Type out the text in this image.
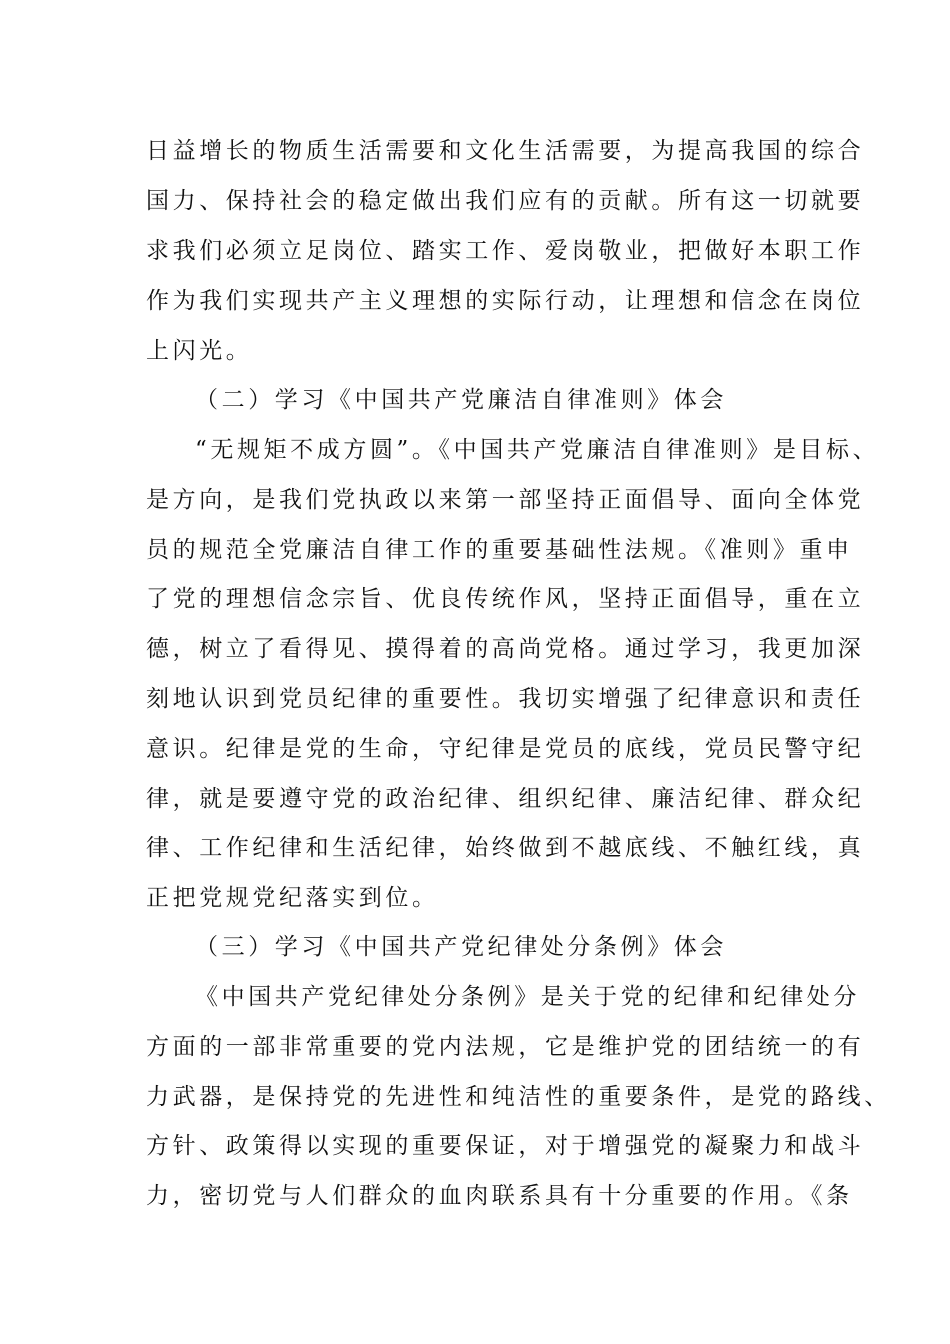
日益增长的物质生活需要和文化生活需要，为提高我国的综合
国力、保持社会的稳定做出我们应有的贡献。所有这一切就要
求我们必须立足岗位、踏实工作、爱岗敬业，把做好本职工作
作为我们实现共产主义理想的实际行动，让理想和信念在岗位
上闪光。
（二）学习《中国共产党廉洁自律准则》体会
“无规矩不成方圆”。《中国共产党廉洁自律准则》是目标、
是方向，是我们党执政以来第一部坚持正面倡导、面向全体党
员的规范全党廉洁自律工作的重要基础性法规。《准则》重申
了党的理想信念宗旨、优良传统作风，坚持正面倡导，重在立
德，树立了看得见、摸得着的高尚党格。通过学习，我更加深
刻地认识到党员纪律的重要性。我切实增强了纪律意识和责任
意识。纪律是党的生命，守纪律是党员的底线，党员民警守纪
律，就是要遵守党的政治纪律、组织纪律、廉洁纪律、群众纪
律、工作纪律和生活纪律，始终做到不越底线、不触红线，真
正把党规党纪落实到位。
（三）学习《中国共产党纪律处分条例》体会
《中国共产党纪律处分条例》是关于党的纪律和纪律处分
方面的一部非常重要的党内法规，它是维护党的团结统一的有
力武器，是保持党的先进性和纯洁性的重要条件，是党的路线、
方针、政策得以实现的重要保证，对于增强党的凝聚力和战斗
力，密切党与人们群众的血肉联系具有十分重要的作用。《条
